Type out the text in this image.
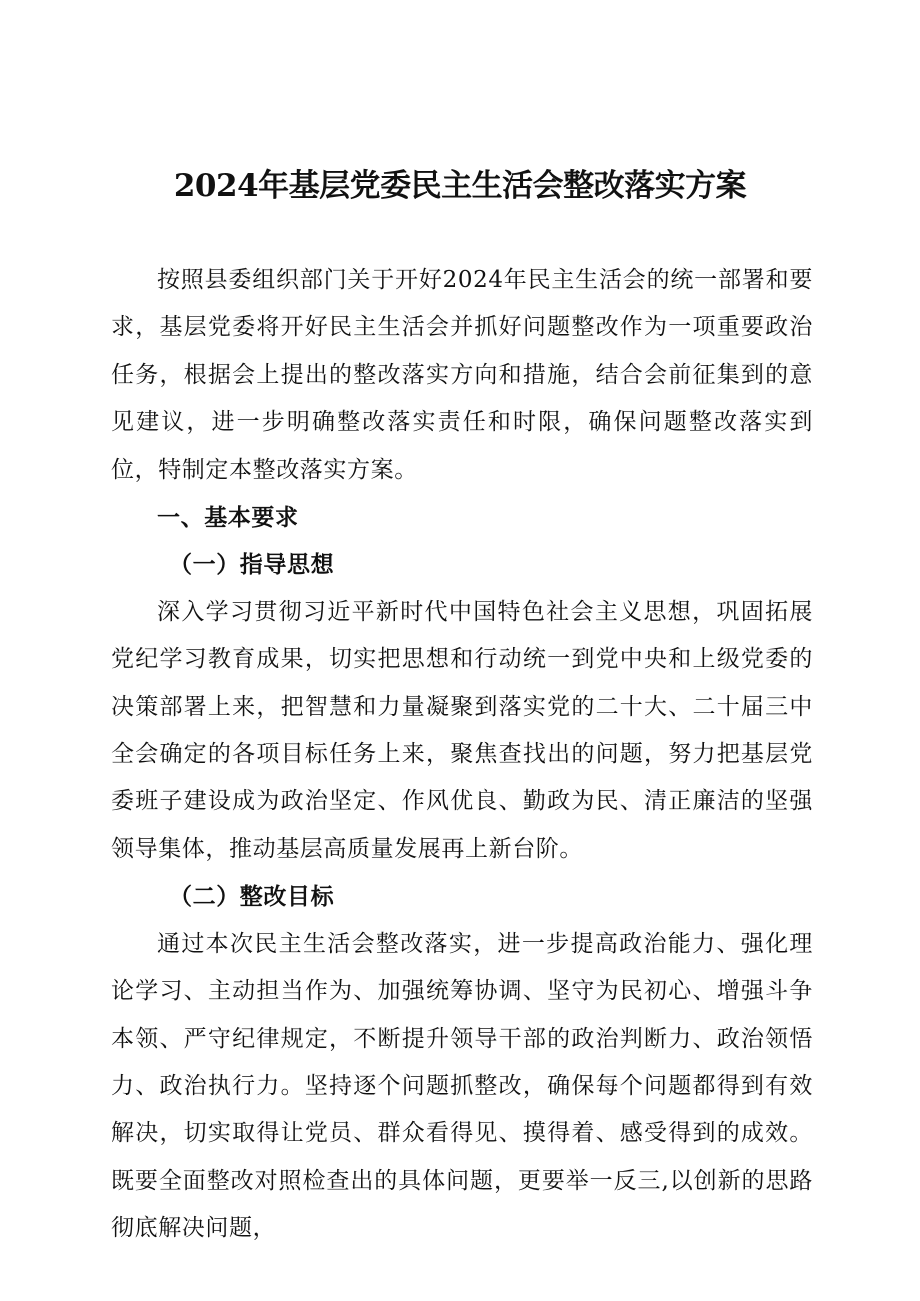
2024年基层党委民主生活会整改落实方案

按照县委组织部门关于开好2024年民主生活会的统一部署和要求，基层党委将开好民主生活会并抓好问题整改作为一项重要政治任务，根据会上提出的整改落实方向和措施，结合会前征集到的意见建议，进一步明确整改落实责任和时限，确保问题整改落实到位，特制定本整改落实方案。

一、基本要求

（一）指导思想

深入学习贯彻习近平新时代中国特色社会主义思想，巩固拓展党纪学习教育成果，切实把思想和行动统一到党中央和上级党委的决策部署上来，把智慧和力量凝聚到落实党的二十大、二十届三中全会确定的各项目标任务上来，聚焦查找出的问题，努力把基层党委班子建设成为政治坚定、作风优良、勤政为民、清正廉洁的坚强领导集体，推动基层高质量发展再上新台阶。

（二）整改目标

通过本次民主生活会整改落实，进一步提高政治能力、强化理论学习、主动担当作为、加强统筹协调、坚守为民初心、增强斗争本领、严守纪律规定，不断提升领导干部的政治判断力、政治领悟力、政治执行力。坚持逐个问题抓整改，确保每个问题都得到有效解决，切实取得让党员、群众看得见、摸得着、感受得到的成效。既要全面整改对照检查出的具体问题，更要举一反三,以创新的思路彻底解决问题，
